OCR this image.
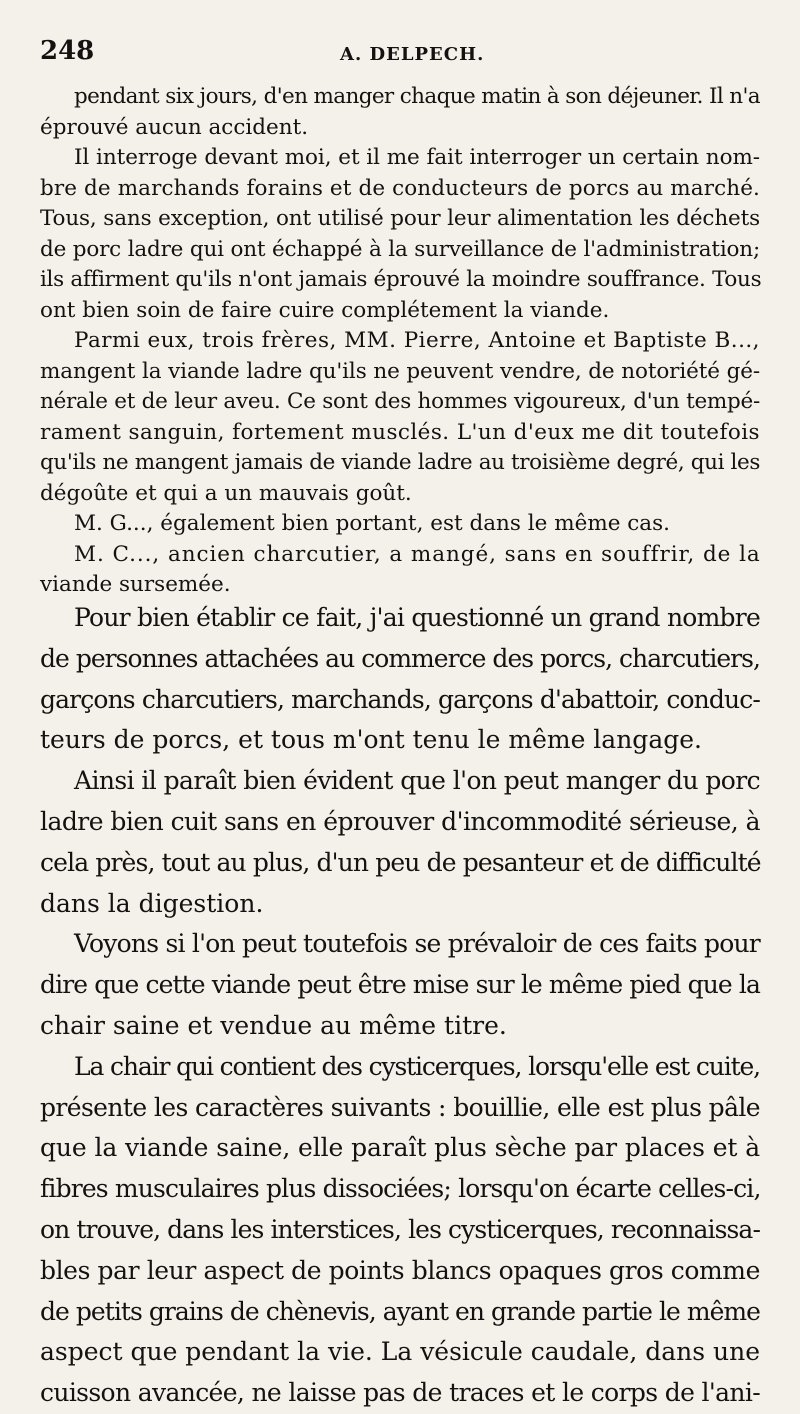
248	A. DELPECH.
pendant six jours, d'en manger chaque matin à son déjeuner. Il n'a
éprouvé aucun accident.
Il interroge devant moi, et il me fait interroger un certain nom-
bre de marchands forains et de conducteurs de porcs au marché.
Tous, sans exception, ont utilisé pour leur alimentation les déchets
de porc ladre qui ont échappé à la surveillance de l'administration;
ils affirment qu'ils n'ont jamais éprouvé la moindre souffrance. Tous
ont bien soin de faire cuire complétement la viande.
Parmi eux, trois frères, MM. Pierre, Antoine et Baptiste B...,
mangent la viande ladre qu'ils ne peuvent vendre, de notoriété gé-
nérale et de leur aveu. Ce sont des hommes vigoureux, d'un tempé-
rament sanguin, fortement musclés. L'un d'eux me dit toutefois
qu'ils ne mangent jamais de viande ladre au troisième degré, qui les
dégoûte et qui a un mauvais goût.
M. G..., également bien portant, est dans le même cas.
M. C..., ancien charcutier, a mangé, sans en souffrir, de la
viande sursemée.
Pour bien établir ce fait, j'ai questionné un grand nombre
de personnes attachées au commerce des porcs, charcutiers,
garçons charcutiers, marchands, garçons d'abattoir, conduc-
teurs de porcs, et tous m'ont tenu le même langage.
Ainsi il paraît bien évident que l'on peut manger du porc
ladre bien cuit sans en éprouver d'incommodité sérieuse, à
cela près, tout au plus, d'un peu de pesanteur et de difficulté
dans la digestion.
Voyons si l'on peut toutefois se prévaloir de ces faits pour
dire que cette viande peut être mise sur le même pied que la
chair saine et vendue au même titre.
La chair qui contient des cysticerques, lorsqu'elle est cuite,
présente les caractères suivants : bouillie, elle est plus pâle
que la viande saine, elle paraît plus sèche par places et à
fibres musculaires plus dissociées; lorsqu'on écarte celles-ci,
on trouve, dans les interstices, les cysticerques, reconnaissa-
bles par leur aspect de points blancs opaques gros comme
de petits grains de chènevis, ayant en grande partie le même
aspect que pendant la vie. La vésicule caudale, dans une
cuisson avancée, ne laisse pas de traces et le corps de l'ani-
